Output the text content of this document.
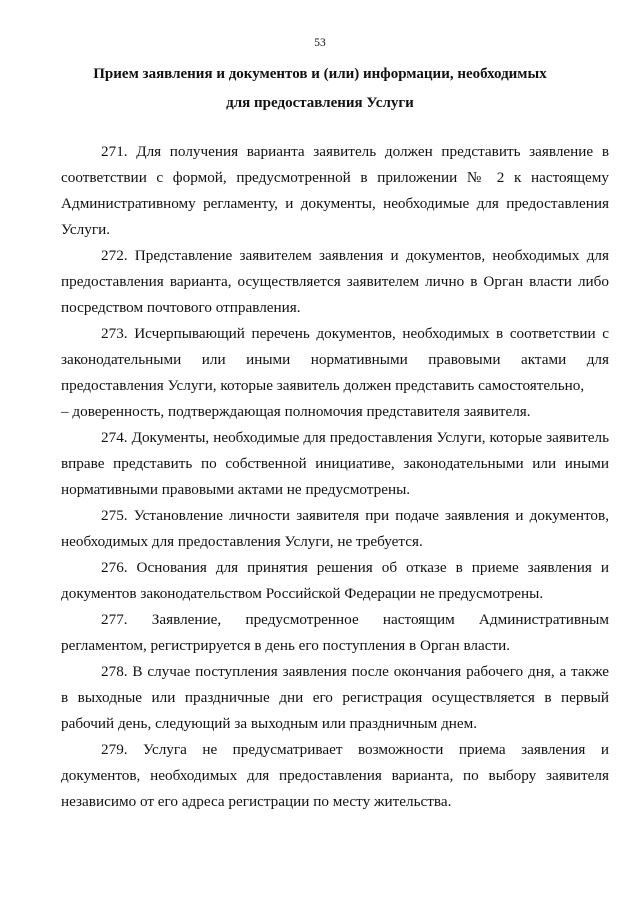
53
Прием заявления и документов и (или) информации, необходимых
для предоставления Услуги

271. Для получения варианта заявитель должен представить заявление в соответствии с формой, предусмотренной в приложении № 2 к настоящему Административному регламенту, и документы, необходимые для предоставления Услуги.

272. Представление заявителем заявления и документов, необходимых для предоставления варианта, осуществляется заявителем лично в Орган власти либо посредством почтового отправления.

273. Исчерпывающий перечень документов, необходимых в соответствии с законодательными или иными нормативными правовыми актами для предоставления Услуги, которые заявитель должен представить самостоятельно,

– доверенность, подтверждающая полномочия представителя заявителя.

274. Документы, необходимые для предоставления Услуги, которые заявитель вправе представить по собственной инициативе, законодательными или иными нормативными правовыми актами не предусмотрены.

275. Установление личности заявителя при подаче заявления и документов, необходимых для предоставления Услуги, не требуется.

276. Основания для принятия решения об отказе в приеме заявления и документов законодательством Российской Федерации не предусмотрены.

277. Заявление, предусмотренное настоящим Административным регламентом, регистрируется в день его поступления в Орган власти.

278. В случае поступления заявления после окончания рабочего дня, а также в выходные или праздничные дни его регистрация осуществляется в первый рабочий день, следующий за выходным или праздничным днем.

279. Услуга не предусматривает возможности приема заявления и документов, необходимых для предоставления варианта, по выбору заявителя независимо от его адреса регистрации по месту жительства.
